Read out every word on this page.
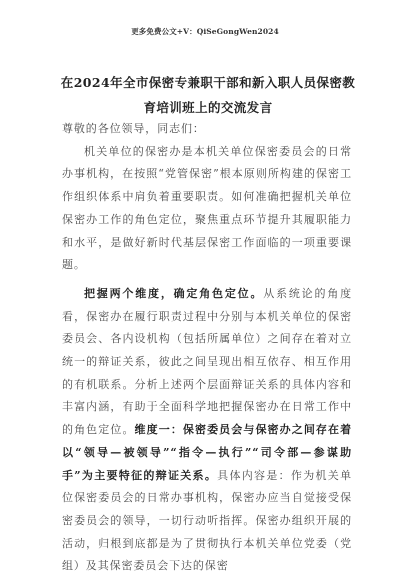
更多免费公文+V：QiSeGongWen2024
在2024年全市保密专兼职干部和新入职人员保密教育培训班上的交流发言

尊敬的各位领导，同志们：

机关单位的保密办是本机关单位保密委员会的日常办事机构，在按照“党管保密”根本原则所构建的保密工作组织体系中肩负着重要职责。如何准确把握机关单位保密办工作的角色定位，聚焦重点环节提升其履职能力和水平，是做好新时代基层保密工作面临的一项重要课题。

把握两个维度，确定角色定位。从系统论的角度看，保密办在履行职责过程中分别与本机关单位的保密委员会、各内设机构（包括所属单位）之间存在着对立统一的辩证关系，彼此之间呈现出相互依存、相互作用的有机联系。分析上述两个层面辩证关系的具体内容和丰富内涵，有助于全面科学地把握保密办在日常工作中的角色定位。维度一：保密委员会与保密办之间存在着以“领导—被领导”“指令—执行”“司令部—参谋助手”为主要特征的辩证关系。具体内容是：作为机关单位保密委员会的日常办事机构，保密办应当自觉接受保密委员会的领导，一切行动听指挥。保密办组织开展的活动，归根到底都是为了贯彻执行本机关单位党委（党组）及其保密委员会下达的保密
